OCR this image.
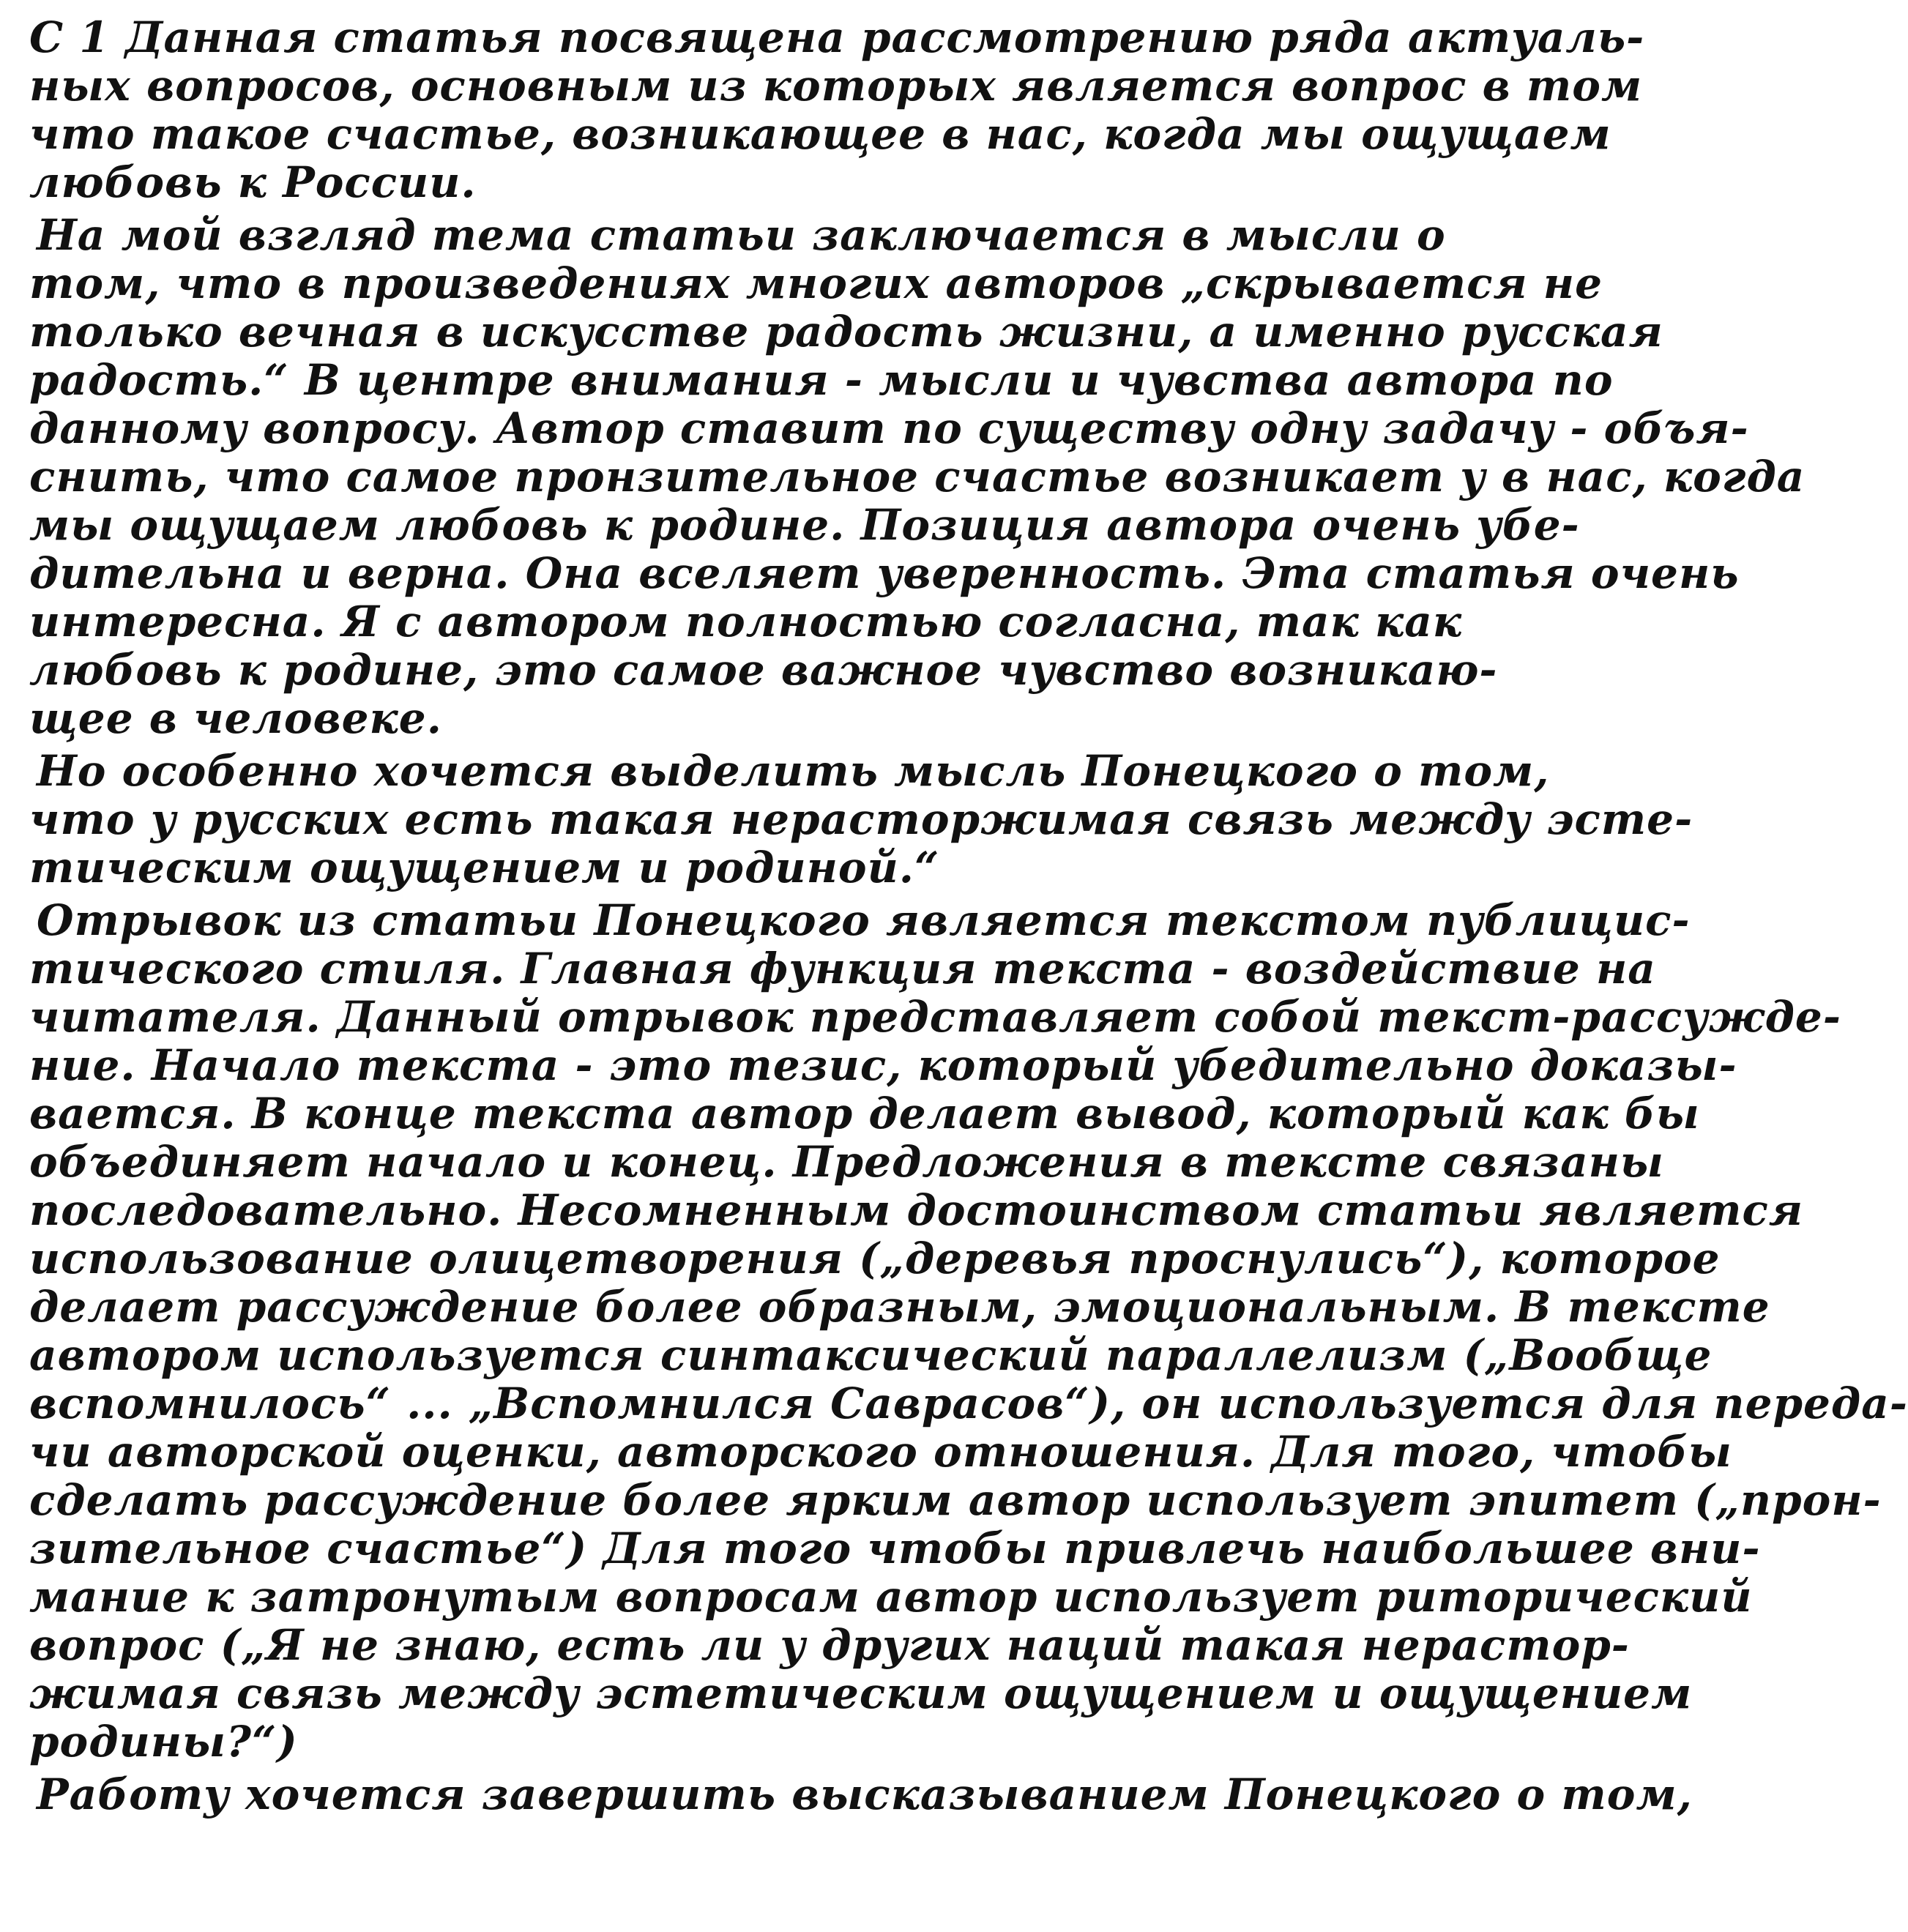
С 1 Данная статья посвящена рассмотрению ряда актуаль-
ных вопросов, основным из которых является вопрос в том
что такое счастье, возникающее в нас, когда мы ощущаем
любовь к России.
На мой взгляд тема статьи заключается в мысли о
том, что в произведениях многих авторов „скрывается не
только вечная в искусстве радость жизни, а именно русская
радость.“ В центре внимания - мысли и чувства автора по
данному вопросу. Автор ставит по существу одну задачу - объя-
снить, что самое пронзительное счастье возникает у в нас, когда
мы ощущаем любовь к родине. Позиция автора очень убе-
дительна и верна. Она вселяет уверенность. Эта статья очень
интересна. Я с автором полностью согласна, так как
любовь к родине, это самое важное чувство возникаю-
щее в человеке.
Но особенно хочется выделить мысль Понецкого о том,
что у русских есть такая нерасторжимая связь между эсте-
тическим ощущением и родиной.“
Отрывок из статьи Понецкого является текстом публицис-
тического стиля. Главная функция текста - воздействие на
читателя. Данный отрывок представляет собой текст-рассужде-
ние. Начало текста - это тезис, который убедительно доказы-
вается. В конце текста автор делает вывод, который как бы
объединяет начало и конец. Предложения в тексте связаны
последовательно. Несомненным достоинством статьи является
использование олицетворения („деревья проснулись“), которое
делает рассуждение более образным, эмоциональным. В тексте
автором используется синтаксический параллелизм („Вообще
вспомнилось“ ... „Вспомнился Саврасов“), он используется для переда-
чи авторской оценки, авторского отношения. Для того, чтобы
сделать рассуждение более ярким автор использует эпитет („прон-
зительное счастье“) Для того чтобы привлечь наибольшее вни-
мание к затронутым вопросам автор использует риторический
вопрос („Я не знаю, есть ли у других наций такая нерастор-
жимая связь между эстетическим ощущением и ощущением
родины?“)
Работу хочется завершить высказыванием Понецкого о том,
